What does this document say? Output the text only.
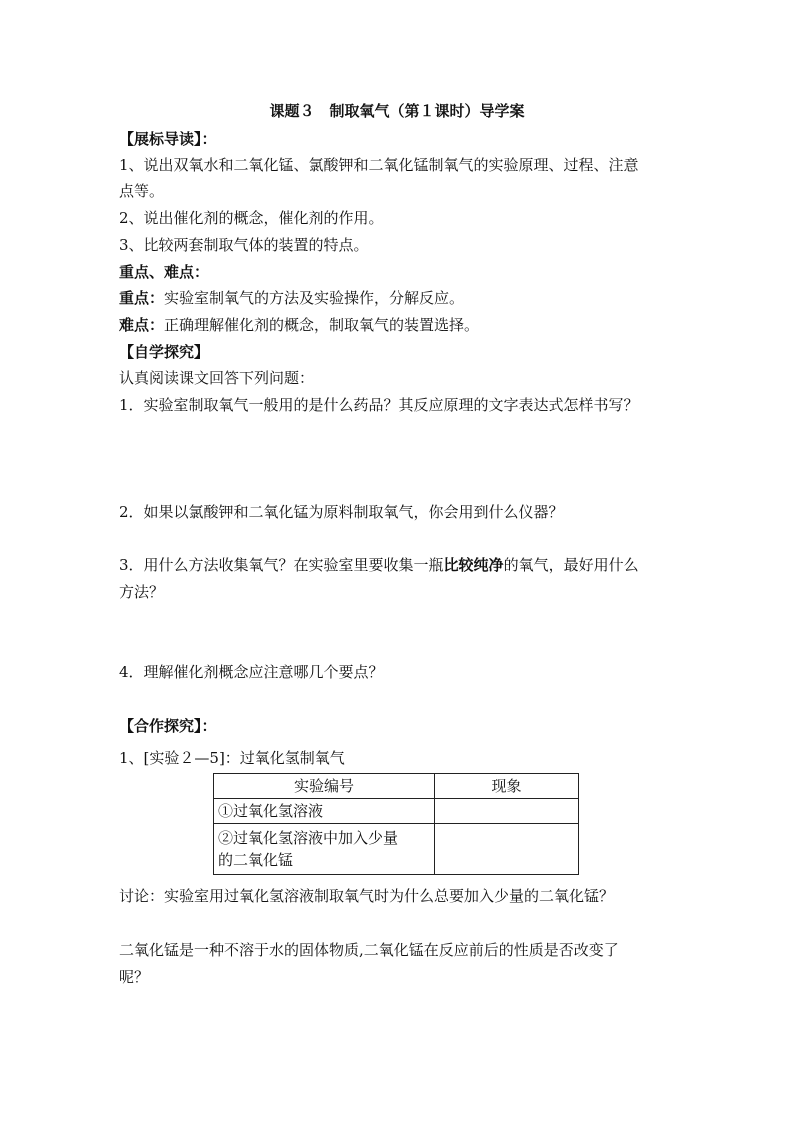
课题３　制取氧气（第１课时）导学案
【展标导读】：
1、说出双氧水和二氧化锰、氯酸钾和二氧化锰制氧气的实验原理、过程、注意
点等。
2、说出催化剂的概念，催化剂的作用。
3、比较两套制取气体的装置的特点。
重点、难点：
重点：实验室制氧气的方法及实验操作，分解反应。
难点：正确理解催化剂的概念，制取氧气的装置选择。
【自学探究】
认真阅读课文回答下列问题：
1．实验室制取氧气一般用的是什么药品？其反应原理的文字表达式怎样书写？
2．如果以氯酸钾和二氧化锰为原料制取氧气，你会用到什么仪器？
3．用什么方法收集氧气？在实验室里要收集一瓶比较纯净的氧气，最好用什么
方法？
4．理解催化剂概念应注意哪几个要点？
【合作探究】：
1、[实验２—5]：过氧化氢制氧气
实验编号	现象
①过氧化氢溶液	

②过氧化氢溶液中加入少量
的二氧化锰	

讨论：实验室用过氧化氢溶液制取氧气时为什么总要加入少量的二氧化锰？
二氧化锰是一种不溶于水的固体物质,二氧化锰在反应前后的性质是否改变了
呢？
